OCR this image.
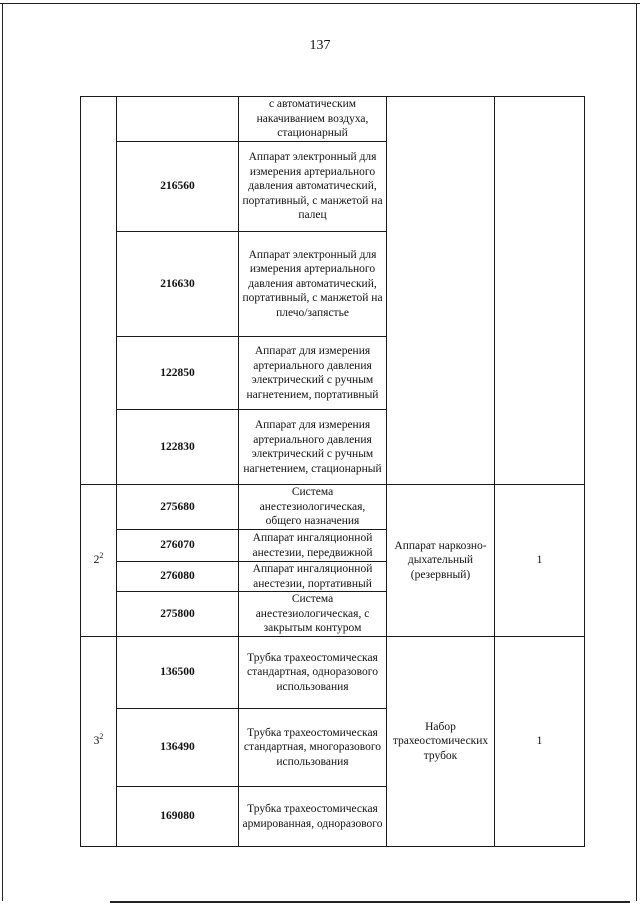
137
		с автоматическим накачиванием воздуха, стационарный		
	216560	Аппарат электронный для измерения артериального давления автоматический, портативный, с манжетой на палец		
	216630	Аппарат электронный для измерения артериального давления автоматический, портативный, с манжетой на плечо/запястье		
	122850	Аппарат для измерения артериального давления электрический с ручным нагнетением, портативный		
	122830	Аппарат для измерения артериального давления электрический с ручным нагнетением, стационарный		
$2^2$	275680	Система анестезиологическая, общего назначения	Аппарат наркозно-дыхательный (резервный)	1
	276070	Аппарат ингаляционной анестезии, передвижной		
	276080	Аппарат ингаляционной анестезии, портативный		
	275800	Система анестезиологическая, с закрытым контуром		
$3^2$	136500	Трубка трахеостомическая стандартная, одноразового использования	Набор трахеостомических трубок	1
	136490	Трубка трахеостомическая стандартная, многоразового использования		
	169080	Трубка трахеостомическая армированная, одноразового		
